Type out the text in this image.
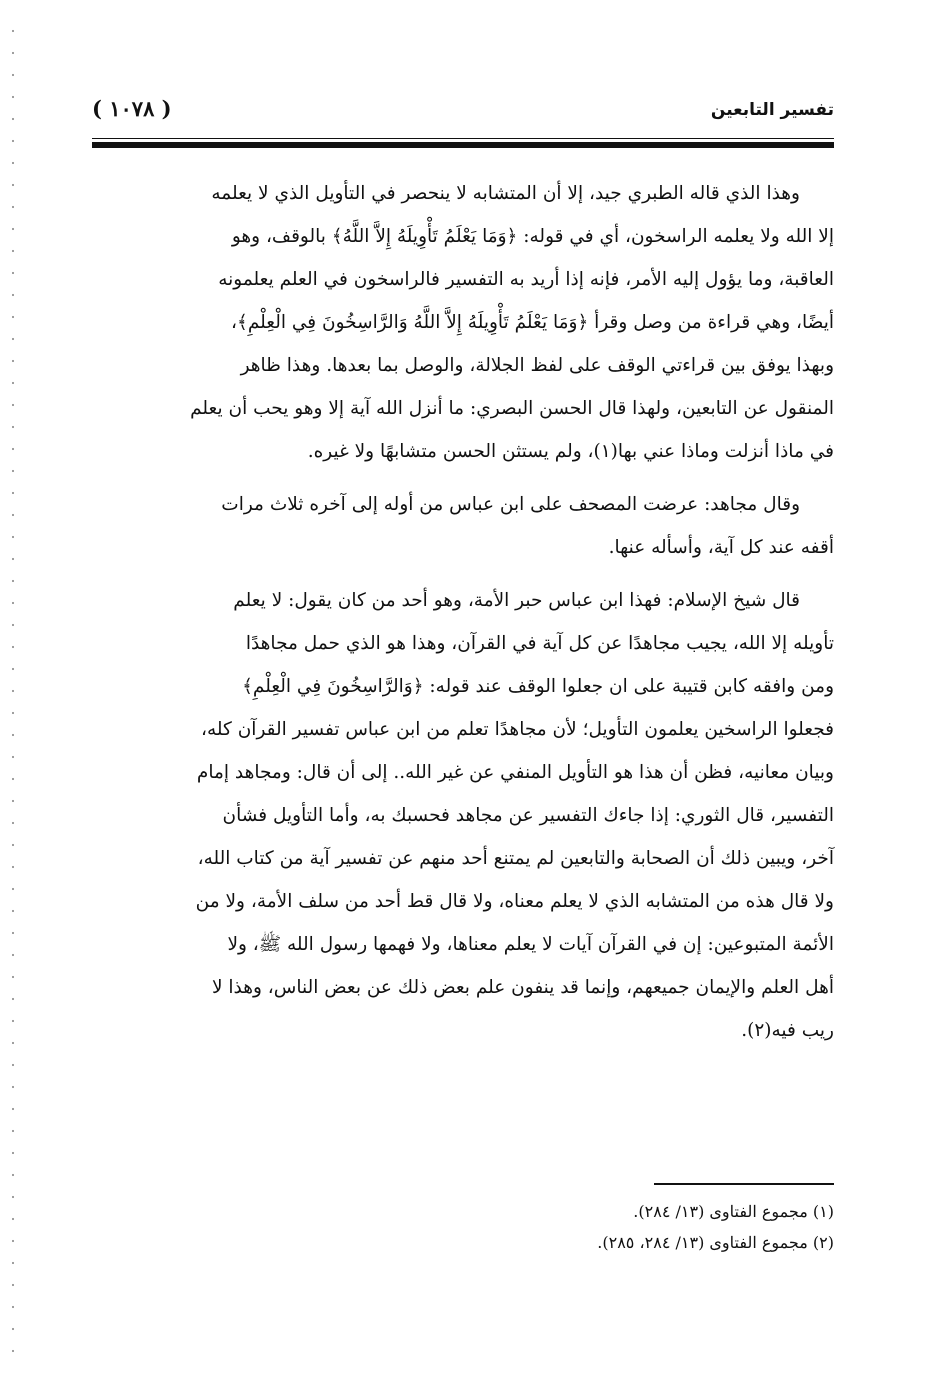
تفسير التابعين
( ١٠٧٨ )

وهذا الذي قاله الطبري جيد، إلا أن المتشابه لا ينحصر في التأويل الذي لا يعلمه
إلا الله ولا يعلمه الراسخون، أي في قوله: ﴿وَمَا يَعْلَمُ تَأْوِيلَهُ إِلاَّ اللَّهُ﴾ بالوقف، وهو
العاقبة، وما يؤول إليه الأمر، فإنه إذا أريد به التفسير فالراسخون في العلم يعلمونه
أيضًا، وهي قراءة من وصل وقرأ ﴿وَمَا يَعْلَمُ تَأْوِيلَهُ إِلاَّ اللَّهُ وَالرَّاسِخُونَ فِي الْعِلْمِ﴾،
وبهذا يوفق بين قراءتي الوقف على لفظ الجلالة، والوصل بما بعدها. وهذا ظاهر
المنقول عن التابعين، ولهذا قال الحسن البصري: ما أنزل الله آية إلا وهو يحب أن يعلم
في ماذا أنزلت وماذا عني بها(١)، ولم يستثن الحسن متشابهًا ولا غيره.

وقال مجاهد: عرضت المصحف على ابن عباس من أوله إلى آخره ثلاث مرات
أقفه عند كل آية، وأسأله عنها.

قال شيخ الإسلام: فهذا ابن عباس حبر الأمة، وهو أحد من كان يقول: لا يعلم
تأويله إلا الله، يجيب مجاهدًا عن كل آية في القرآن، وهذا هو الذي حمل مجاهدًا
ومن وافقه كابن قتيبة على ان جعلوا الوقف عند قوله: ﴿وَالرَّاسِخُونَ فِي الْعِلْمِ﴾
فجعلوا الراسخين يعلمون التأويل؛ لأن مجاهدًا تعلم من ابن عباس تفسير القرآن كله،
وبيان معانيه، فظن أن هذا هو التأويل المنفي عن غير الله.. إلى أن قال: ومجاهد إمام
التفسير، قال الثوري: إذا جاءك التفسير عن مجاهد فحسبك به، وأما التأويل فشأن
آخر، ويبين ذلك أن الصحابة والتابعين لم يمتنع أحد منهم عن تفسير آية من كتاب الله،
ولا قال هذه من المتشابه الذي لا يعلم معناه، ولا قال قط أحد من سلف الأمة، ولا من
الأئمة المتبوعين: إن في القرآن آيات لا يعلم معناها، ولا فهمها رسول الله ﷺ، ولا
أهل العلم والإيمان جميعهم، وإنما قد ينفون علم بعض ذلك عن بعض الناس، وهذا لا
ريب فيه(٢).

(١) مجموع الفتاوى (١٣/ ٢٨٤).
(٢) مجموع الفتاوى (١٣/ ٢٨٤، ٢٨٥).
